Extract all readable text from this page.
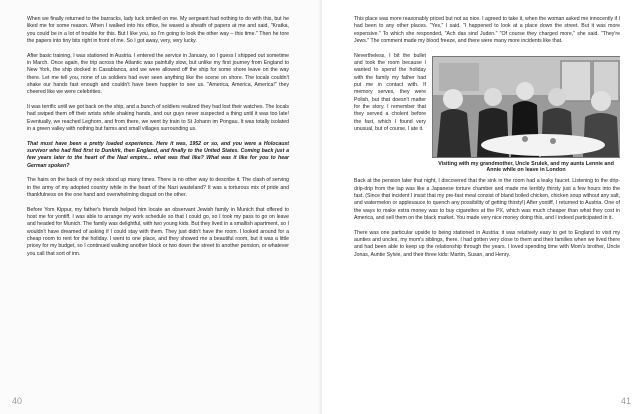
When we finally returned to the barracks, lady luck smiled on me. My sergeant had nothing to do with this, but he liked me for some reason. When I walked into his office, he waved a sheath of papers at me and said, "Kratka, you could be in a lot of trouble for this. But I like you, so I'm going to look the other way – this time." Then he tore the papers into tiny bits right in front of me. So I got away, very, very lucky.

After basic training, I was stationed in Austria. I entered the service in January, so I guess I shipped out sometime in March. Once again, the trip across the Atlantic was painfully slow, but unlike my first journey from England to New York, the ship docked in Casablanca, and we were allowed off the ship for some shore leave on the way there. Let me tell you, none of us soldiers had ever seen anything like the scene on shore. The locals couldn't shake our hands fast enough and couldn't have been happier to see us. "America, America, America!" they cheered like we were celebrities.

It was terrific until we got back on the ship, and a bunch of soldiers realized they had lost their watches. The locals had swiped them off their wrists while shaking hands, and our guys never suspected a thing until it was too late! Eventually, we reached Leghorn, and from there, we went by train to St Johann im Pongau. It was totally isolated in a green valley with nothing but farms and small villages surrounding us.

That must have been a pretty loaded experience. Here it was, 1952 or so, and you were a Holocaust survivor who had fled first to Dunkirk, then England, and finally to the United States. Coming back just a few years later to the heart of the Nazi empire... what was that like? What was it like for you to hear German spoken?

The hairs on the back of my neck stood up many times. There is no other way to describe it. The clash of serving in the army of my adopted country while in the heart of the Nazi wasteland? It was a torturous mix of pride and thankfulness on the one hand and overwhelming disgust on the other.

Before Yom Kippur, my father's friends helped him locate an observant Jewish family in Munich that offered to host me for yontiff. I was able to arrange my work schedule so that I could go, so I took my pass to go on leave and headed for Munich. The family was delightful, with two young kids. But they lived in a smallish apartment, so I wouldn't have dreamed of asking if I could stay with them. They just didn't have the room. I looked around for a cheap room to rent for the holiday. I went to one place, and they showed me a beautiful room, but it was a little pricey for my budget, so I continued walking another block or two down the street to another pension, or whatever you call that sort of inn.

40

This place was more reasonably priced but not as nice. I agreed to take it, when the woman asked me innocently if I had been to any other places. "Yes," I said. "I happened to look at a place down the street. But it was more expensive." To which she responded, "Ach das sind Juden." "Of course they charged more," she said. "They're Jews." The comment made my blood freeze, and there were many more incidents like that.

Visiting with my grandmother, Uncle Srulek, and my aunts Lennie and Annie while on leave in London

Nevertheless, I bit the bullet and took the room because I wanted to spend the holiday with the family my father had put me in contact with. If memory serves, they were Polish, but that doesn't matter for the story. I remember that they served a cholent before the fast, which I found very unusual, but of course, I ate it.

Back at the pension later that night, I discovered that the sink in the room had a leaky faucet. Listening to the drip-drip-drip from the tap was like a Japanese torture chamber and made me terribly thirsty just a few hours into the fast. (Since that incident I insist that my pre-fast meal consist of bland boiled chicken, chicken soup without any salt, and watermelon or applesauce to quench any possibility of getting thirsty!) After yontiff, I returned to Austria. One of the ways to make extra money was to buy cigarettes at the PX, which was much cheaper than what they cost in America, and sell them on the black market. You made very nice money doing this, and I indeed participated in it.

There was one particular upside to being stationed in Austria: it was relatively easy to get to England to visit my aunties and uncles, my mom's siblings, there. I had gotten very close to them and their families when we lived there and had been able to keep up the relationship through the years. I loved spending time with Mom's brother, Uncle Jonas, Auntie Sylvie, and their three kids: Martin, Susan, and Henry.

41
